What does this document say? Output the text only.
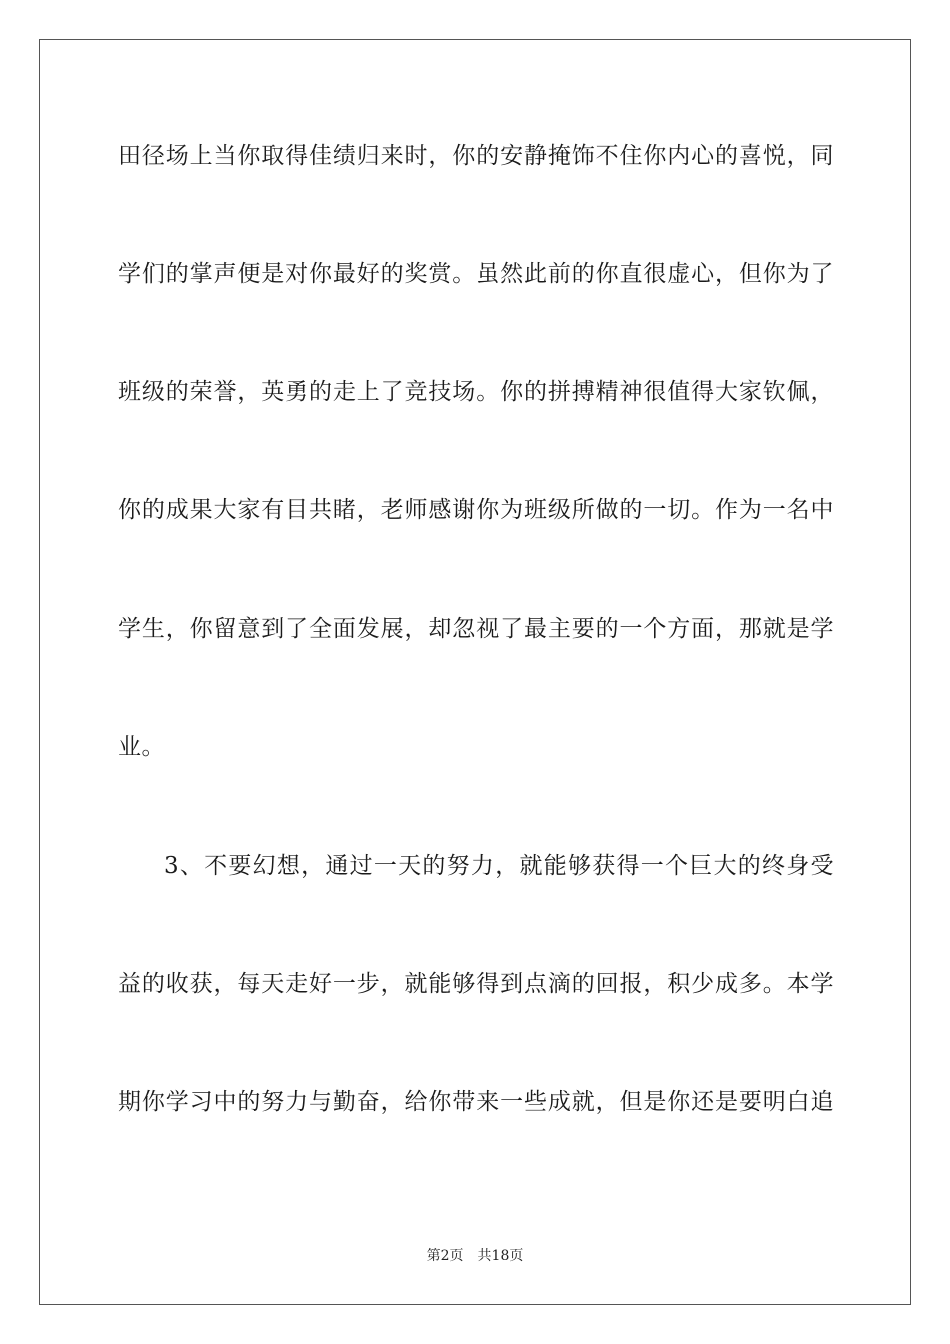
田径场上当你取得佳绩归来时，你的安静掩饰不住你内心的喜悦，同
学们的掌声便是对你最好的奖赏。虽然此前的你直很虚心，但你为了
班级的荣誉，英勇的走上了竞技场。你的拼搏精神很值得大家钦佩，
你的成果大家有目共睹，老师感谢你为班级所做的一切。作为一名中
学生，你留意到了全面发展，却忽视了最主要的一个方面，那就是学
业。
3、不要幻想，通过一天的努力，就能够获得一个巨大的终身受
益的收获，每天走好一步，就能够得到点滴的回报，积少成多。本学
期你学习中的努力与勤奋，给你带来一些成就，但是你还是要明白追
第2页 共18页
